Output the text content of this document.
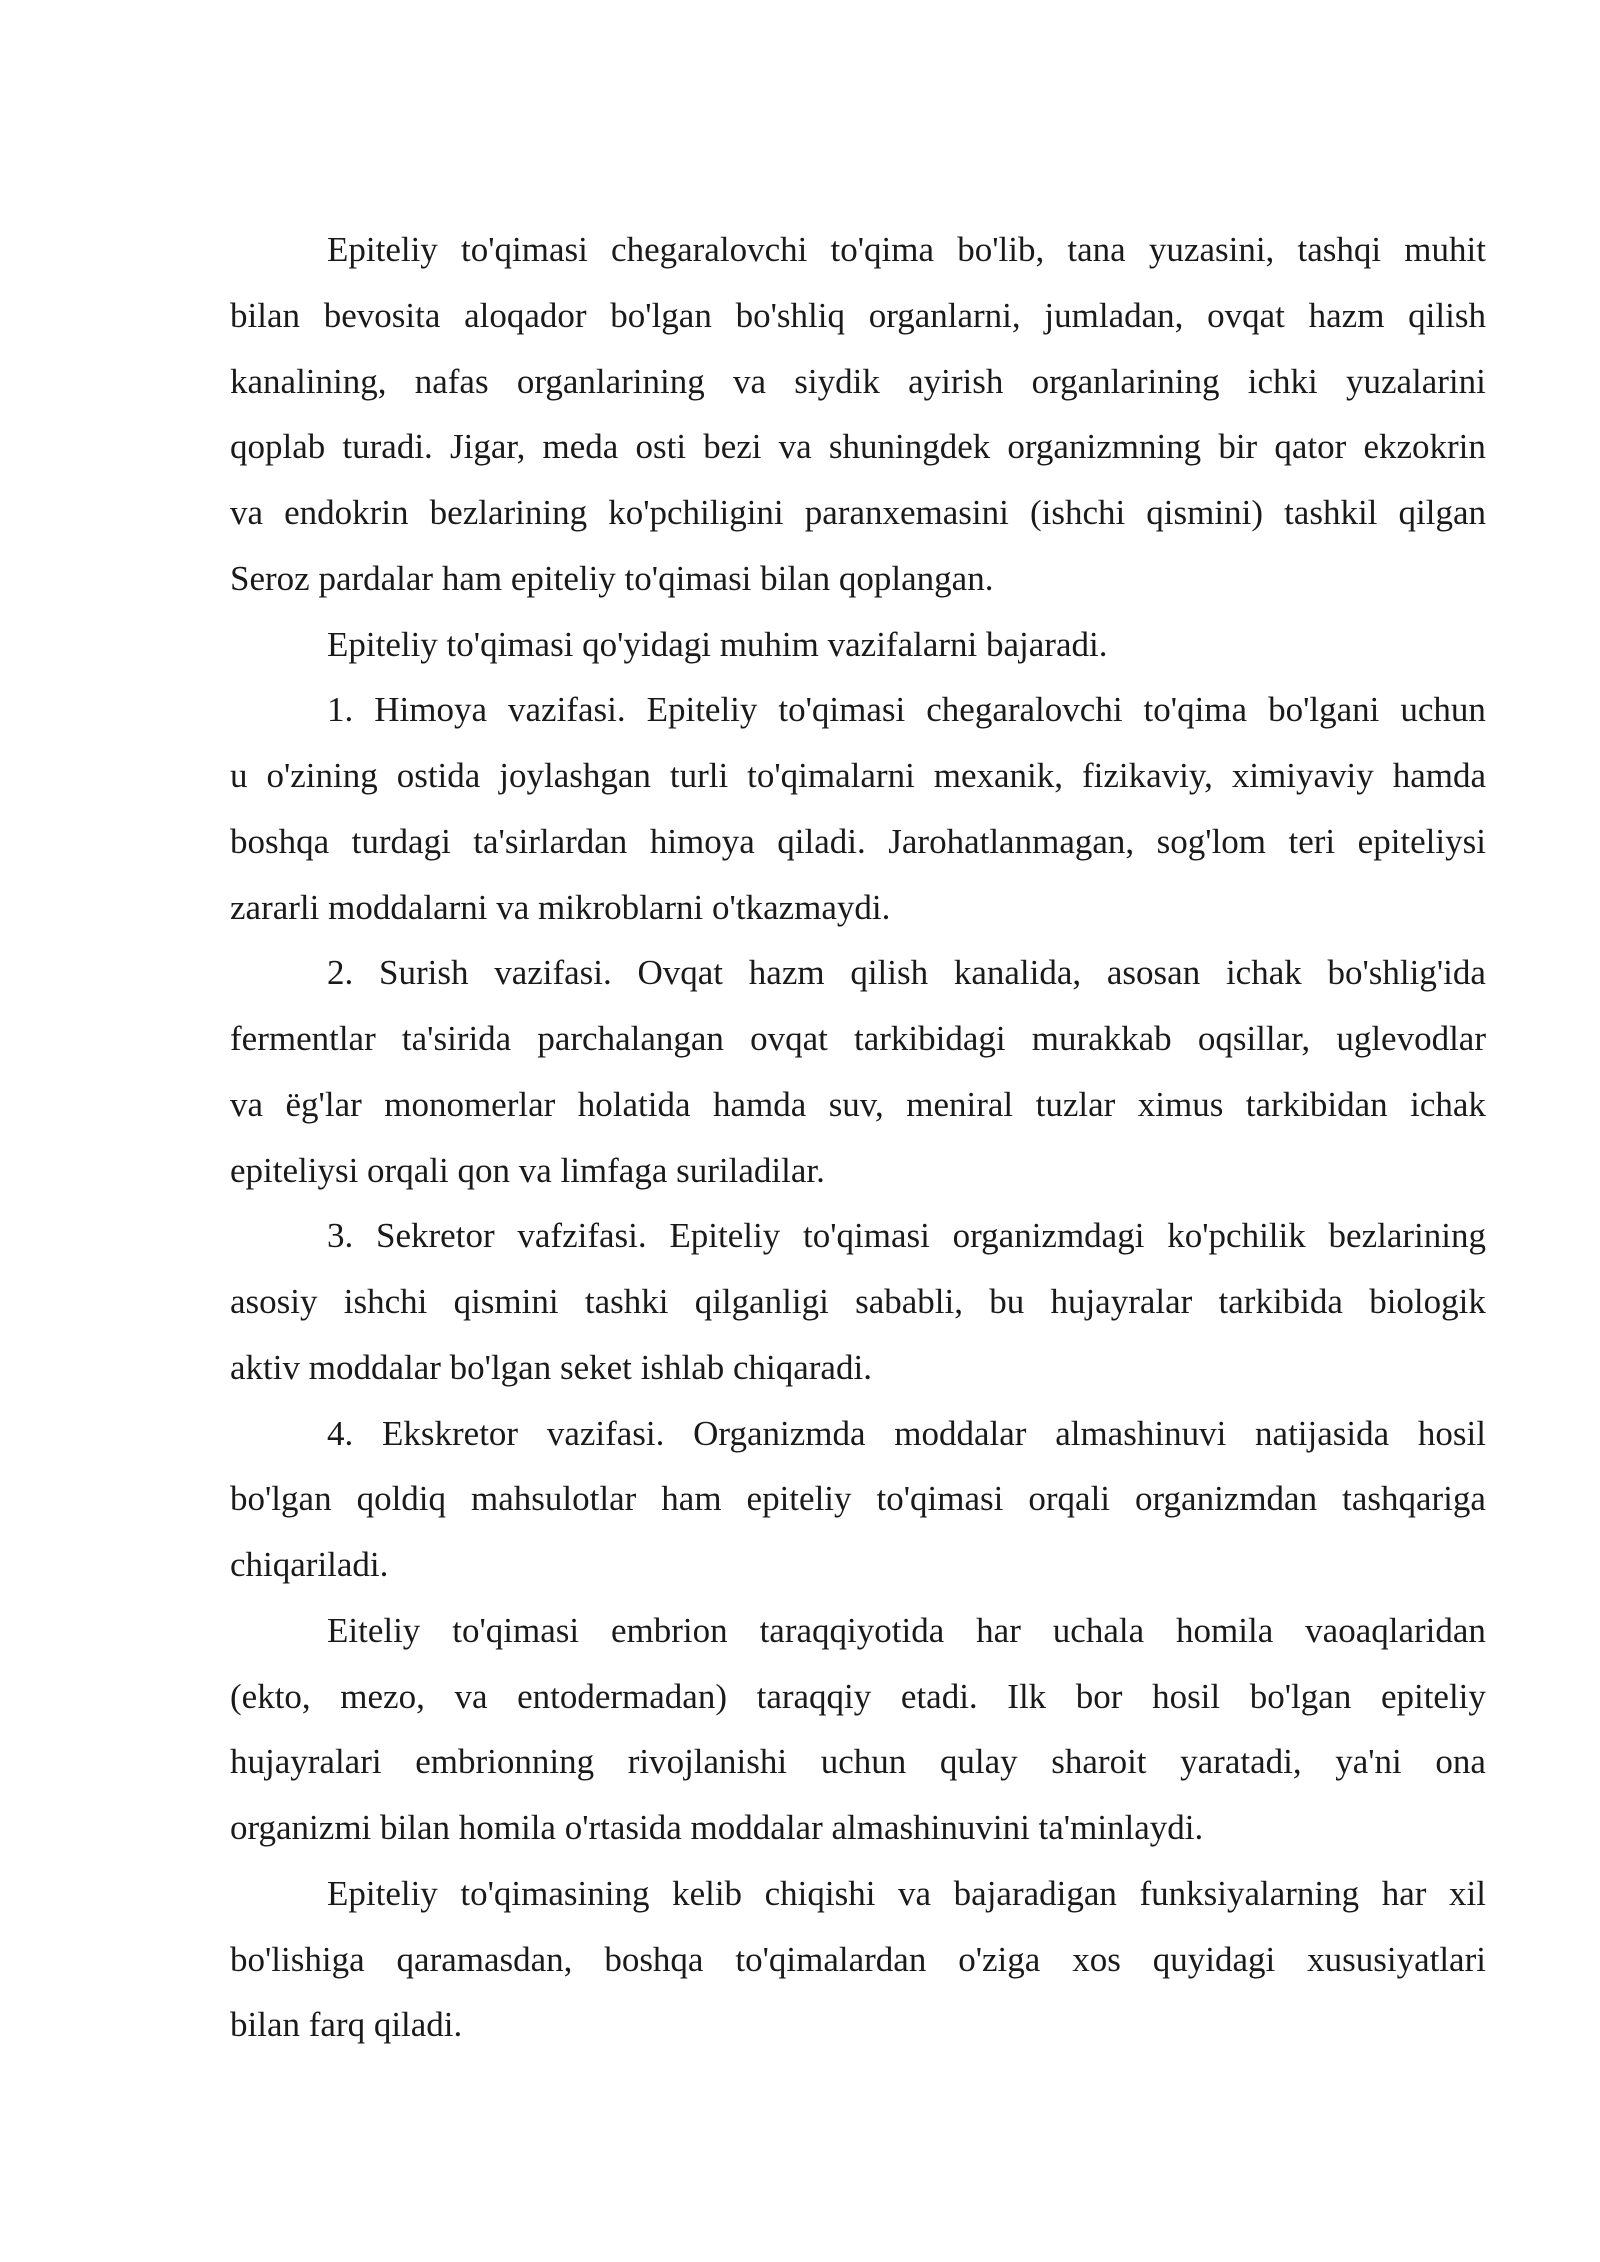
Epiteliy to'qimasi chegaralovchi to'qima bo'lib, tana yuzasini, tashqi muhit
bilan bevosita aloqador bo'lgan bo'shliq organlarni, jumladan, ovqat hazm qilish
kanalining, nafas organlarining va siydik ayirish organlarining ichki yuzalarini
qoplab turadi. Jigar, meda osti bezi va shuningdek organizmning bir qator ekzokrin
va endokrin bezlarining ko'pchiligini paranxemasini (ishchi qismini) tashkil qilgan
Seroz pardalar ham epiteliy to'qimasi bilan qoplangan.
Epiteliy to'qimasi qo'yidagi muhim vazifalarni bajaradi.
1. Himoya vazifasi. Epiteliy to'qimasi chegaralovchi to'qima bo'lgani uchun
u o'zining ostida joylashgan turli to'qimalarni mexanik, fizikaviy, ximiyaviy hamda
boshqa turdagi ta'sirlardan himoya qiladi. Jarohatlanmagan, sog'lom teri epiteliysi
zararli moddalarni va mikroblarni o'tkazmaydi.
2. Surish vazifasi. Ovqat hazm qilish kanalida, asosan ichak bo'shlig'ida
fermentlar ta'sirida parchalangan ovqat tarkibidagi murakkab oqsillar, uglevodlar
va ëg'lar monomerlar holatida hamda suv, meniral tuzlar ximus tarkibidan ichak
epiteliysi orqali qon va limfaga suriladilar.
3. Sekretor vafzifasi. Epiteliy to'qimasi organizmdagi ko'pchilik bezlarining
asosiy ishchi qismini tashki qilganligi sababli, bu hujayralar tarkibida biologik
aktiv moddalar bo'lgan seket ishlab chiqaradi.
4. Ekskretor vazifasi. Organizmda moddalar almashinuvi natijasida hosil
bo'lgan qoldiq mahsulotlar ham epiteliy to'qimasi orqali organizmdan tashqariga
chiqariladi.
Eiteliy to'qimasi embrion taraqqiyotida har uchala homila vaoaqlaridan
(ekto, mezo, va entodermadan) taraqqiy etadi. Ilk bor hosil bo'lgan epiteliy
hujayralari embrionning rivojlanishi uchun qulay sharoit yaratadi, ya'ni ona
organizmi bilan homila o'rtasida moddalar almashinuvini ta'minlaydi.
Epiteliy to'qimasining kelib chiqishi va bajaradigan funksiyalarning har xil
bo'lishiga qaramasdan, boshqa to'qimalardan o'ziga xos quyidagi xususiyatlari
bilan farq qiladi.
